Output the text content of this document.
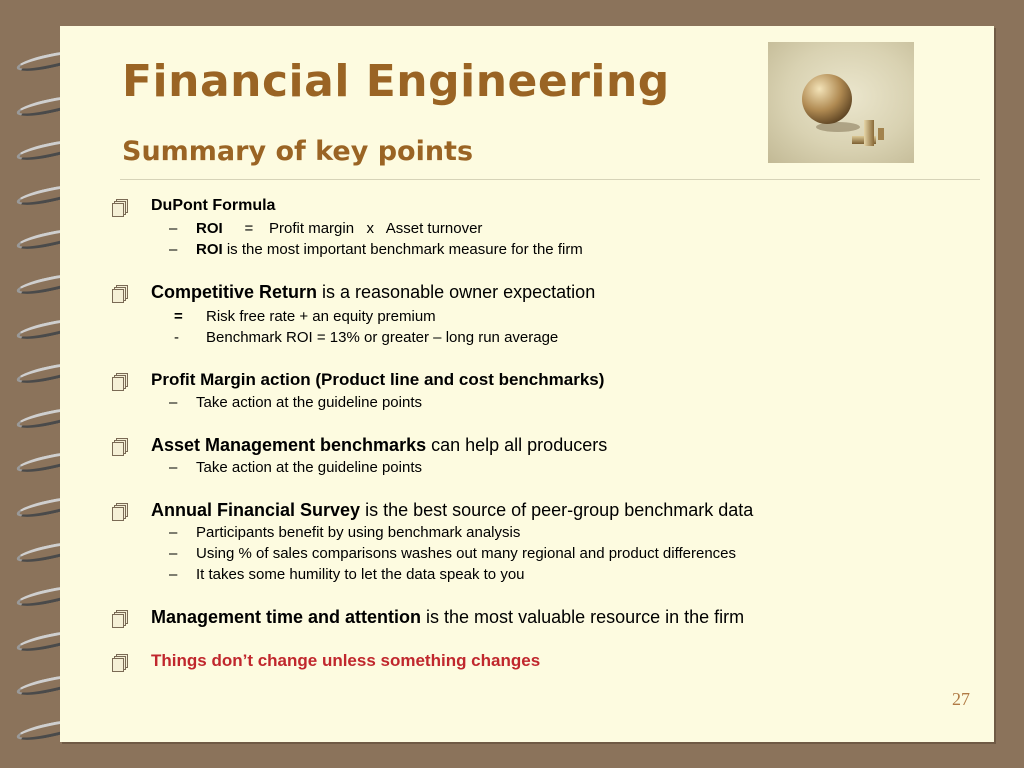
Financial Engineering
Summary of key points
DuPont Formula
– ROI = Profit margin   x   Asset turnover
– ROI is the most important benchmark measure for the firm
Competitive Return is a reasonable owner expectation
= Risk free rate + an equity premium
- Benchmark ROI = 13% or greater – long run average
Profit Margin action (Product line and cost benchmarks)
– Take action at the guideline points
Asset Management benchmarks can help all producers
– Take action at the guideline points
Annual Financial Survey is the best source of peer-group benchmark data
– Participants benefit by using benchmark analysis
– Using % of sales comparisons washes out many regional and product differences
– It takes some humility to let the data speak to you
Management time and attention is the most valuable resource in the firm
Things don’t change unless something changes
27
